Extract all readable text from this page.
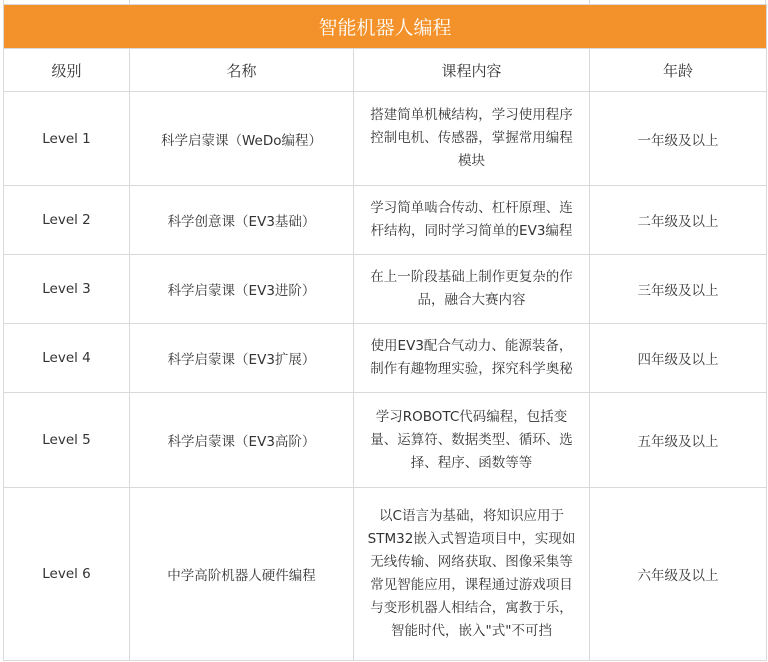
智能机器人编程			
级别	名称	课程内容	年龄
Level 1	科学启蒙课（WeDo编程）	搭建简单机械结构，学习使用程序控制电机、传感器，掌握常用编程模块	一年级及以上
Level 2	科学创意课（EV3基础）	学习简单啮合传动、杠杆原理、连杆结构，同时学习简单的EV3编程	二年级及以上
Level 3	科学启蒙课（EV3进阶）	在上一阶段基础上制作更复杂的作品，融合大赛内容	三年级及以上
Level 4	科学启蒙课（EV3扩展）	使用EV3配合气动力、能源装备，制作有趣物理实验，探究科学奥秘	四年级及以上
Level 5	科学启蒙课（EV3高阶）	学习ROBOTC代码编程，包括变量、运算符、数据类型、循环、选择、程序、函数等等	五年级及以上
Level 6	中学高阶机器人硬件编程	以C语言为基础，将知识应用于STM32嵌入式智造项目中，实现如无线传输、网络获取、图像采集等常见智能应用，课程通过游戏项目与变形机器人相结合，寓教于乐，智能时代，嵌入"式"不可挡	六年级及以上
